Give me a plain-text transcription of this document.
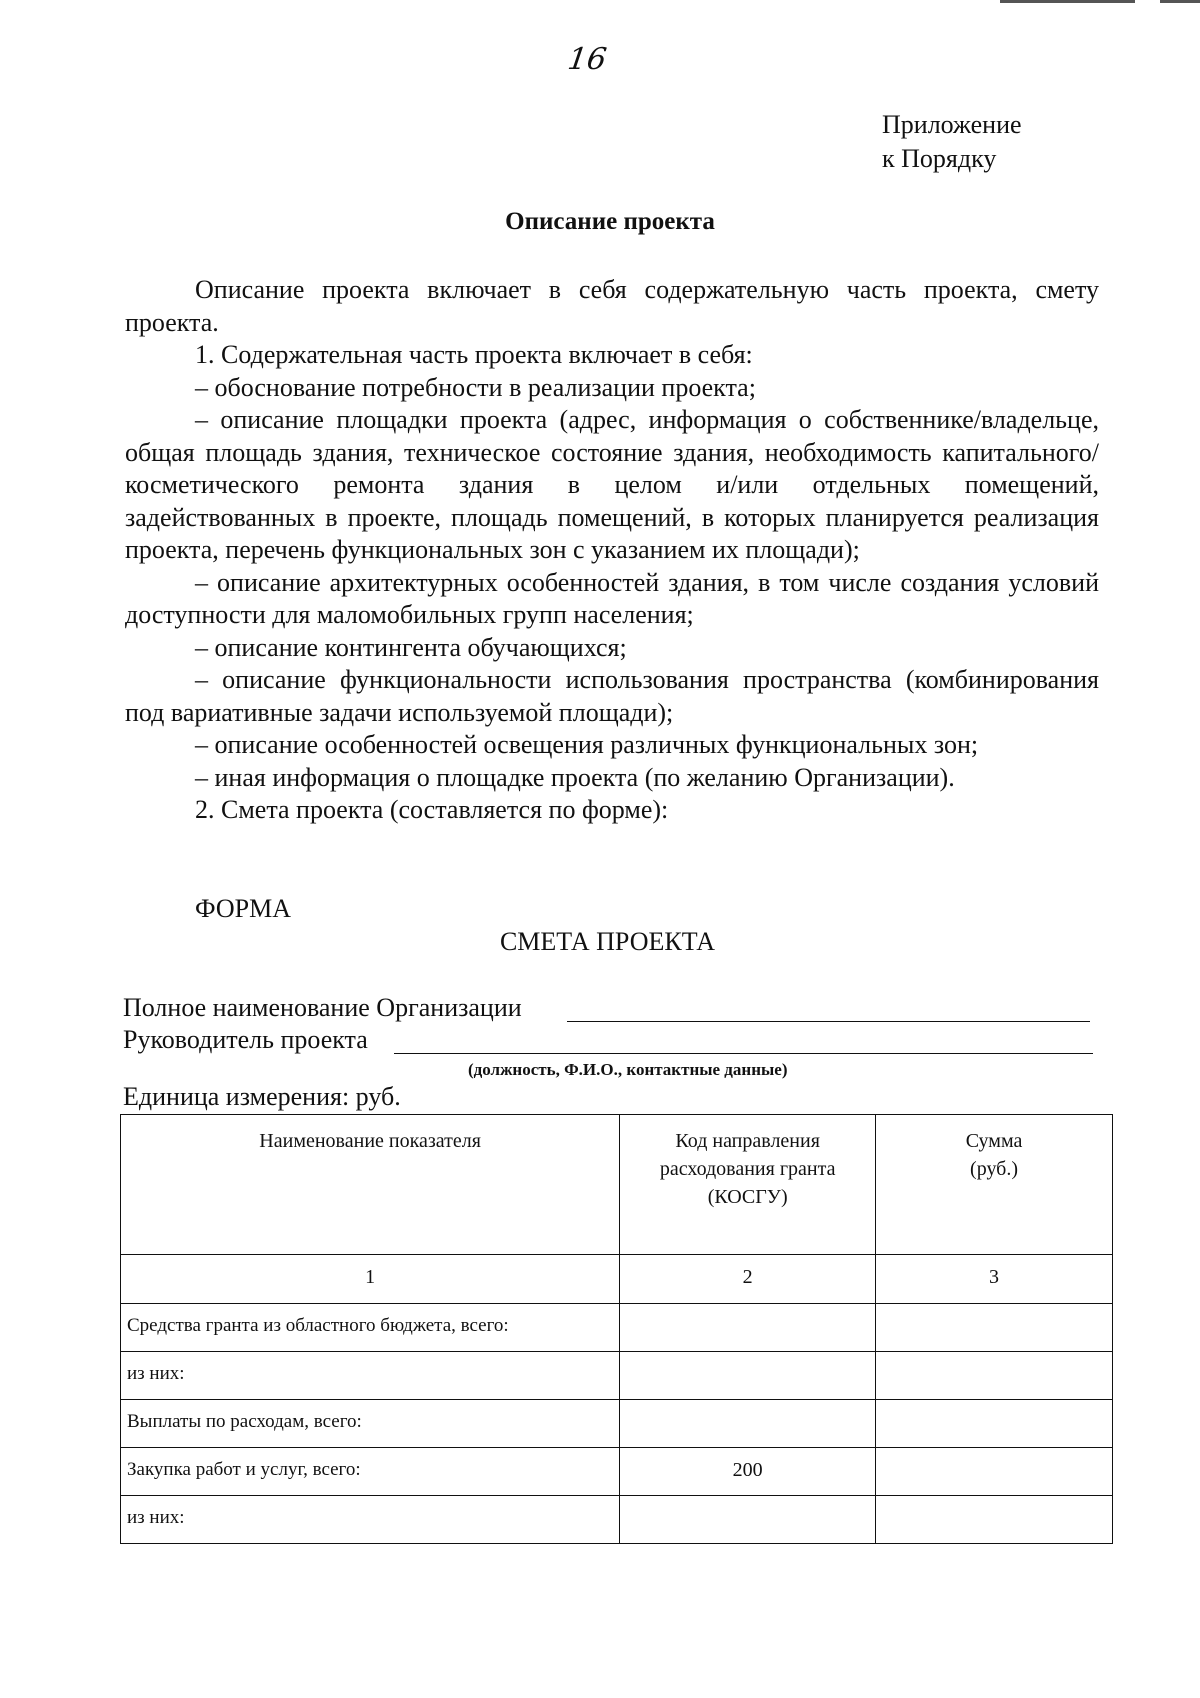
16
Приложение
к Порядку
Описание проекта

Описание проекта включает в себя содержательную часть проекта, смету проекта.

1. Содержательная часть проекта включает в себя:

– обоснование потребности в реализации проекта;

– описание площадки проекта (адрес, информация о собственнике/владельце, общая площадь здания, техническое состояние здания, необходимость капитального/косметического ремонта здания в целом и/или отдельных помещений, задействованных в проекте, площадь помещений, в которых планируется реализация проекта, перечень функциональных зон с указанием их площади);

– описание архитектурных особенностей здания, в том числе создания условий доступности для маломобильных групп населения;

– описание контингента обучающихся;

– описание функциональности использования пространства (комбинирования под вариативные задачи используемой площади);

– описание особенностей освещения различных функциональных зон;

– иная информация о площадке проекта (по желанию Организации).

2. Смета проекта (составляется по форме):

ФОРМА
СМЕТА ПРОЕКТА
Полное наименование Организации
Руководитель проекта
(должность, Ф.И.О., контактные данные)
Единица измерения: руб.
Наименование показателя	Код направления расходования гранта (КОСГУ)	Сумма (руб.)
1	2	3
Средства гранта из областного бюджета, всего:		
из них:		
Выплаты по расходам, всего:		
Закупка работ и услуг, всего:	200	
из них:		
